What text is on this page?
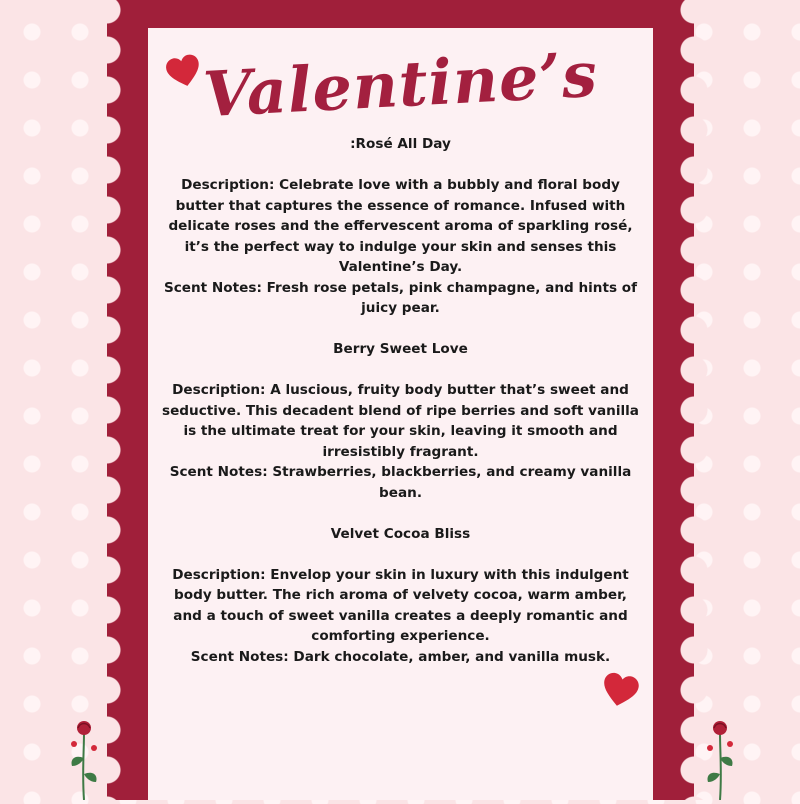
Valentine’s

:Rosé All Day

Description: Celebrate love with a bubbly and floral body butter that captures the essence of romance. Infused with delicate roses and the effervescent aroma of sparkling rosé, it’s the perfect way to indulge your skin and senses this Valentine’s Day.

Scent Notes: Fresh rose petals, pink champagne, and hints of juicy pear.

Berry Sweet Love

Description: A luscious, fruity body butter that’s sweet and seductive. This decadent blend of ripe berries and soft vanilla is the ultimate treat for your skin, leaving it smooth and irresistibly fragrant.

Scent Notes: Strawberries, blackberries, and creamy vanilla bean.

Velvet Cocoa Bliss

Description: Envelop your skin in luxury with this indulgent body butter. The rich aroma of velvety cocoa, warm amber, and a touch of sweet vanilla creates a deeply romantic and comforting experience.

Scent Notes: Dark chocolate, amber, and vanilla musk.
